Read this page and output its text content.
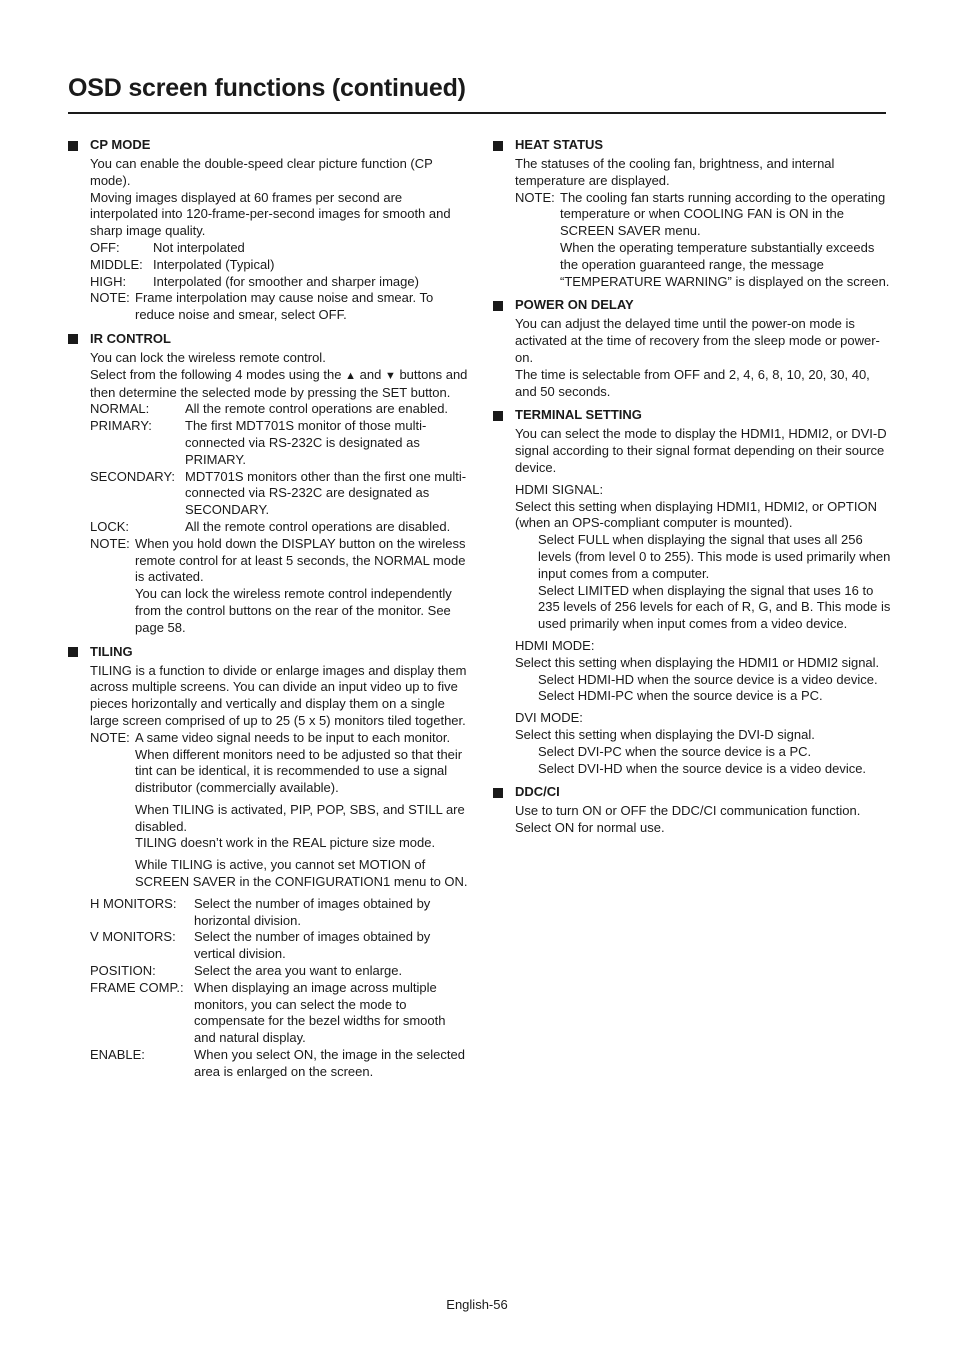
OSD screen functions (continued)
CP MODE

You can enable the double-speed clear picture function (CP mode).

Moving images displayed at 60 frames per second are interpolated into 120-frame-per-second images for smooth and sharp image quality.

OFF:	Not interpolated
MIDDLE: Interpolated (Typical)
HIGH:	Interpolated (for smoother and sharper image)
NOTE: Frame interpolation may cause noise and smear. To reduce noise and smear, select OFF.
IR CONTROL

You can lock the wireless remote control.

Select from the following 4 modes using the ▲ and ▼ buttons and then determine the selected mode by pressing the SET button.

NORMAL:	All the remote control operations are enabled.
PRIMARY:	The first MDT701S monitor of those multi-connected via RS-232C is designated as PRIMARY.
SECONDARY: MDT701S monitors other than the first one multi-connected via RS-232C are designated as SECONDARY.
LOCK:	All the remote control operations are disabled.
NOTE: When you hold down the DISPLAY button on the wireless remote control for at least 5 seconds, the NORMAL mode is activated.
You can lock the wireless remote control independently from the control buttons on the rear of the monitor. See page 58.
TILING

TILING is a function to divide or enlarge images and display them across multiple screens. You can divide an input video up to five pieces horizontally and vertically and display them on a single large screen comprised of up to 25 (5 x 5) monitors tiled together.

NOTE: A same video signal needs to be input to each monitor. When different monitors need to be adjusted so that their tint can be identical, it is recommended to use a signal distributor (commercially available).
When TILING is activated, PIP, POP, SBS, and STILL are disabled.
TILING doesn’t work in the REAL picture size mode.
While TILING is active, you cannot set MOTION of SCREEN SAVER in the CONFIGURATION1 menu to ON.
H MONITORS:	Select the number of images obtained by horizontal division.
V MONITORS:	Select the number of images obtained by vertical division.
POSITION:	Select the area you want to enlarge.
FRAME COMP.: When displaying an image across multiple monitors, you can select the mode to compensate for the bezel widths for smooth and natural display.
ENABLE:	When you select ON, the image in the selected area is enlarged on the screen.
HEAT STATUS

The statuses of the cooling fan, brightness, and internal temperature are displayed.

NOTE: The cooling fan starts running according to the operating temperature or when COOLING FAN is ON in the SCREEN SAVER menu.
When the operating temperature substantially exceeds the operation guaranteed range, the message “TEMPERATURE WARNING” is displayed on the screen.
POWER ON DELAY

You can adjust the delayed time until the power-on mode is activated at the time of recovery from the sleep mode or power-on.

The time is selectable from OFF and 2, 4, 6, 8, 10, 20, 30, 40, and 50 seconds.

TERMINAL SETTING

You can select the mode to display the HDMI1, HDMI2, or DVI-D signal according to their signal format depending on their source device.

HDMI SIGNAL:

Select this setting when displaying HDMI1, HDMI2, or OPTION (when an OPS-compliant computer is mounted).

Select FULL when displaying the signal that uses all 256 levels (from level 0 to 255). This mode is used primarily when input comes from a computer.

Select LIMITED when displaying the signal that uses 16 to 235 levels of 256 levels for each of R, G, and B. This mode is used primarily when input comes from a video device.

HDMI MODE:

Select this setting when displaying the HDMI1 or HDMI2 signal.

Select HDMI-HD when the source device is a video device.

Select HDMI-PC when the source device is a PC.

DVI MODE:

Select this setting when displaying the DVI-D signal.

Select DVI-PC when the source device is a PC.

Select DVI-HD when the source device is a video device.

DDC/CI

Use to turn ON or OFF the DDC/CI communication function.

Select ON for normal use.

English-56
